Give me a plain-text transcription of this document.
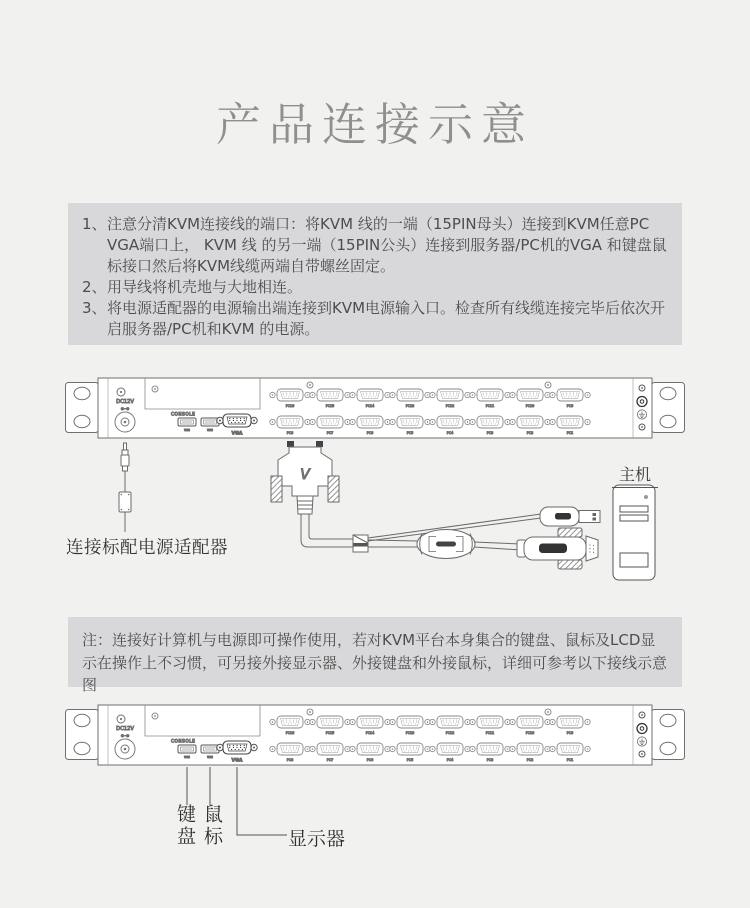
产品连接示意
1、 注意分清KVM连接线的端口：将KVM 线的一端（15PIN母头）连接到KVM任意PC VGA端口上， KVM 线 的另一端（15PIN公头）连接到服务器/PC机的VGA 和键盘鼠标接口然后将KVM线缆两端自带螺丝固定。
2、 用导线将机壳地与大地相连。
3、 将电源适配器的电源输出端连接到KVM电源输入口。检查所有线缆连接完毕后依次开启服务器/PC机和KVM 的电源。
DC12V
⊖–⊕
CONSOLE
USB	USB
VGA
PC16	PC15	PC14	PC13	PC12	PC11	PC10	PC9
PC8	PC7	PC6	PC5	PC4	PC3	PC2	PC1
V
连接标配电源适配器
主机
注：连接好计算机与电源即可操作使用，若对KVM平台本身集合的键盘、鼠标及LCD显示在操作上不习惯，可另接外接显示器、外接键盘和外接鼠标，详细可参考以下接线示意图
DC12V
⊖–⊕
CONSOLE
USB	USB
VGA
PC16	PC15	PC14	PC13	PC12	PC11	PC10	PC9
PC8	PC7	PC6	PC5	PC4	PC3	PC2	PC1
键盘 鼠标	显示器
